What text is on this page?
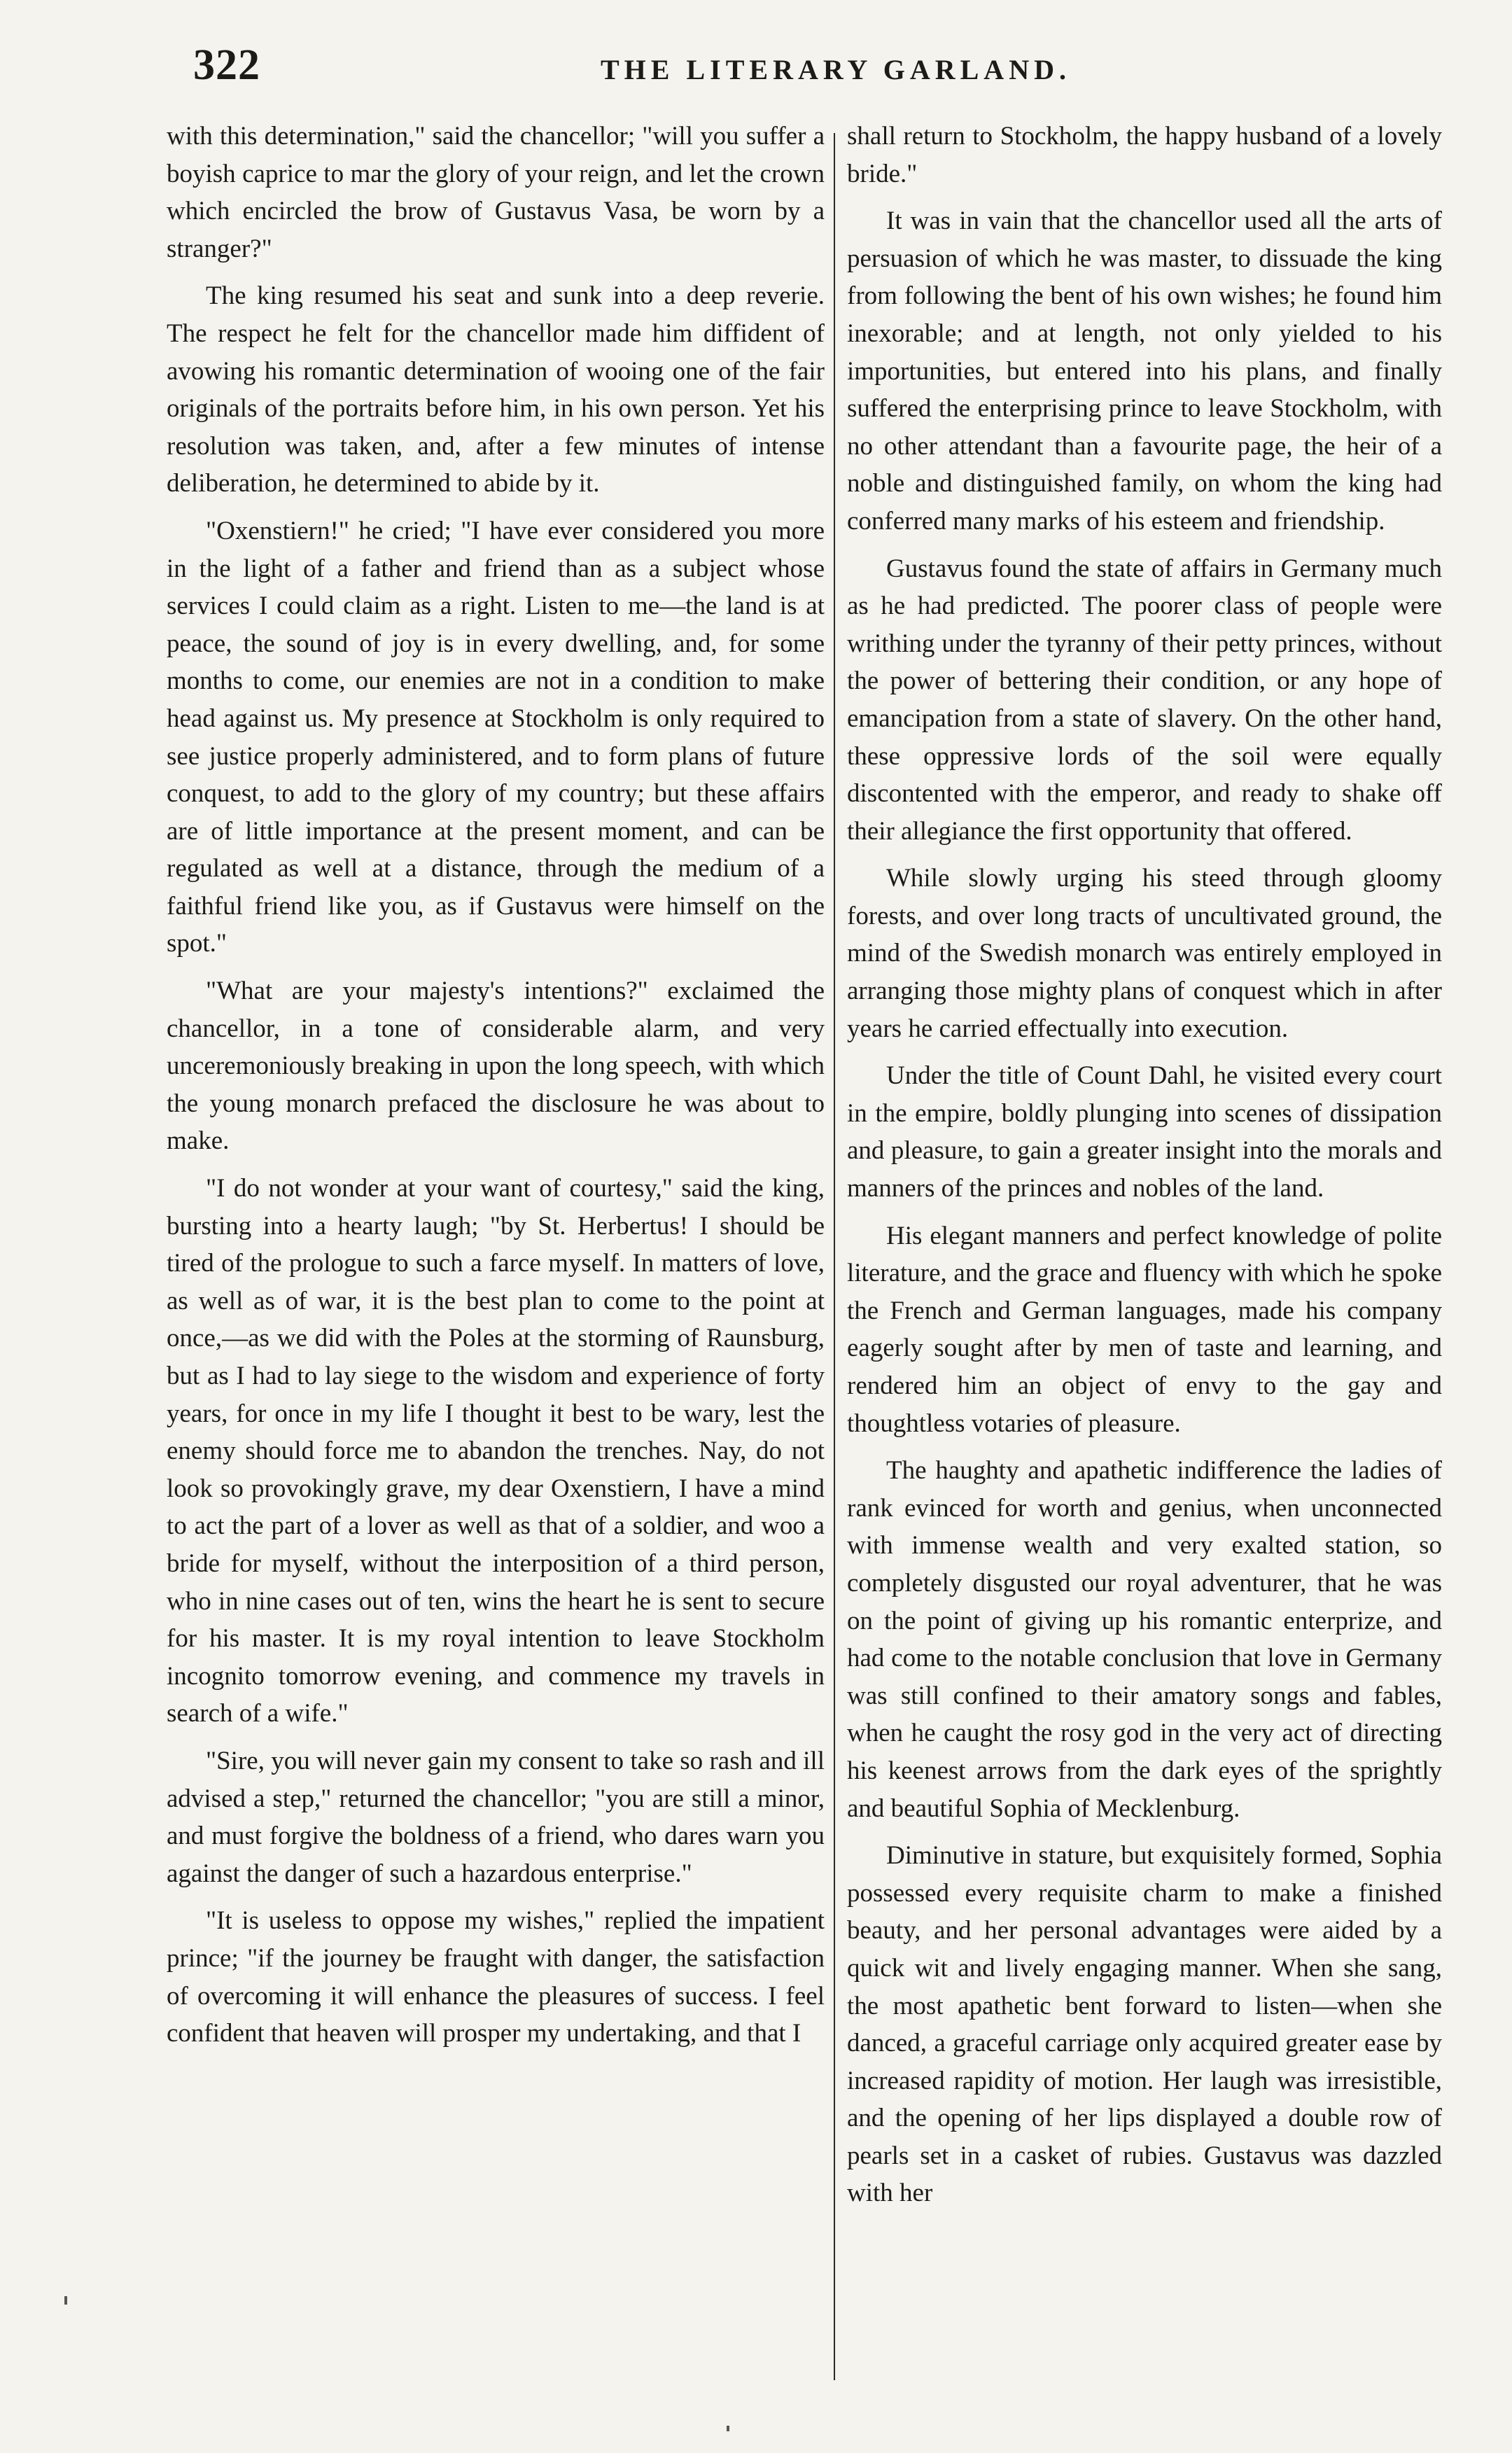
322	THE LITERARY GARLAND.

with this determination," said the chancellor; "will you suffer a boyish caprice to mar the glory of your reign, and let the crown which encircled the brow of Gustavus Vasa, be worn by a stranger?"

The king resumed his seat and sunk into a deep reverie. The respect he felt for the chancellor made him diffident of avowing his romantic determination of wooing one of the fair originals of the portraits before him, in his own person. Yet his resolution was taken, and, after a few minutes of intense deliberation, he determined to abide by it.

"Oxenstiern!" he cried; "I have ever considered you more in the light of a father and friend than as a subject whose services I could claim as a right. Listen to me—the land is at peace, the sound of joy is in every dwelling, and, for some months to come, our enemies are not in a condition to make head against us. My presence at Stockholm is only required to see justice properly administered, and to form plans of future conquest, to add to the glory of my country; but these affairs are of little importance at the present moment, and can be regulated as well at a distance, through the medium of a faithful friend like you, as if Gustavus were himself on the spot."

"What are your majesty's intentions?" exclaimed the chancellor, in a tone of considerable alarm, and very unceremoniously breaking in upon the long speech, with which the young monarch prefaced the disclosure he was about to make.

"I do not wonder at your want of courtesy," said the king, bursting into a hearty laugh; "by St. Herbertus! I should be tired of the prologue to such a farce myself. In matters of love, as well as of war, it is the best plan to come to the point at once,—as we did with the Poles at the storming of Raunsburg, but as I had to lay siege to the wisdom and experience of forty years, for once in my life I thought it best to be wary, lest the enemy should force me to abandon the trenches. Nay, do not look so provokingly grave, my dear Oxenstiern, I have a mind to act the part of a lover as well as that of a soldier, and woo a bride for myself, without the interposition of a third person, who in nine cases out of ten, wins the heart he is sent to secure for his master. It is my royal intention to leave Stockholm incognito tomorrow evening, and commence my travels in search of a wife."

"Sire, you will never gain my consent to take so rash and ill advised a step," returned the chancellor; "you are still a minor, and must forgive the boldness of a friend, who dares warn you against the danger of such a hazardous enterprise."

"It is useless to oppose my wishes," replied the impatient prince; "if the journey be fraught with danger, the satisfaction of overcoming it will enhance the pleasures of success. I feel confident that heaven will prosper my undertaking, and that I

shall return to Stockholm, the happy husband of a lovely bride."

It was in vain that the chancellor used all the arts of persuasion of which he was master, to dissuade the king from following the bent of his own wishes; he found him inexorable; and at length, not only yielded to his importunities, but entered into his plans, and finally suffered the enterprising prince to leave Stockholm, with no other attendant than a favourite page, the heir of a noble and distinguished family, on whom the king had conferred many marks of his esteem and friendship.

Gustavus found the state of affairs in Germany much as he had predicted. The poorer class of people were writhing under the tyranny of their petty princes, without the power of bettering their condition, or any hope of emancipation from a state of slavery. On the other hand, these oppressive lords of the soil were equally discontented with the emperor, and ready to shake off their allegiance the first opportunity that offered.

While slowly urging his steed through gloomy forests, and over long tracts of uncultivated ground, the mind of the Swedish monarch was entirely employed in arranging those mighty plans of conquest which in after years he carried effectually into execution.

Under the title of Count Dahl, he visited every court in the empire, boldly plunging into scenes of dissipation and pleasure, to gain a greater insight into the morals and manners of the princes and nobles of the land.

His elegant manners and perfect knowledge of polite literature, and the grace and fluency with which he spoke the French and German languages, made his company eagerly sought after by men of taste and learning, and rendered him an object of envy to the gay and thoughtless votaries of pleasure.

The haughty and apathetic indifference the ladies of rank evinced for worth and genius, when unconnected with immense wealth and very exalted station, so completely disgusted our royal adventurer, that he was on the point of giving up his romantic enterprize, and had come to the notable conclusion that love in Germany was still confined to their amatory songs and fables, when he caught the rosy god in the very act of directing his keenest arrows from the dark eyes of the sprightly and beautiful Sophia of Mecklenburg.

Diminutive in stature, but exquisitely formed, Sophia possessed every requisite charm to make a finished beauty, and her personal advantages were aided by a quick wit and lively engaging manner. When she sang, the most apathetic bent forward to listen—when she danced, a graceful carriage only acquired greater ease by increased rapidity of motion. Her laugh was irresistible, and the opening of her lips displayed a double row of pearls set in a casket of rubies. Gustavus was dazzled with her
